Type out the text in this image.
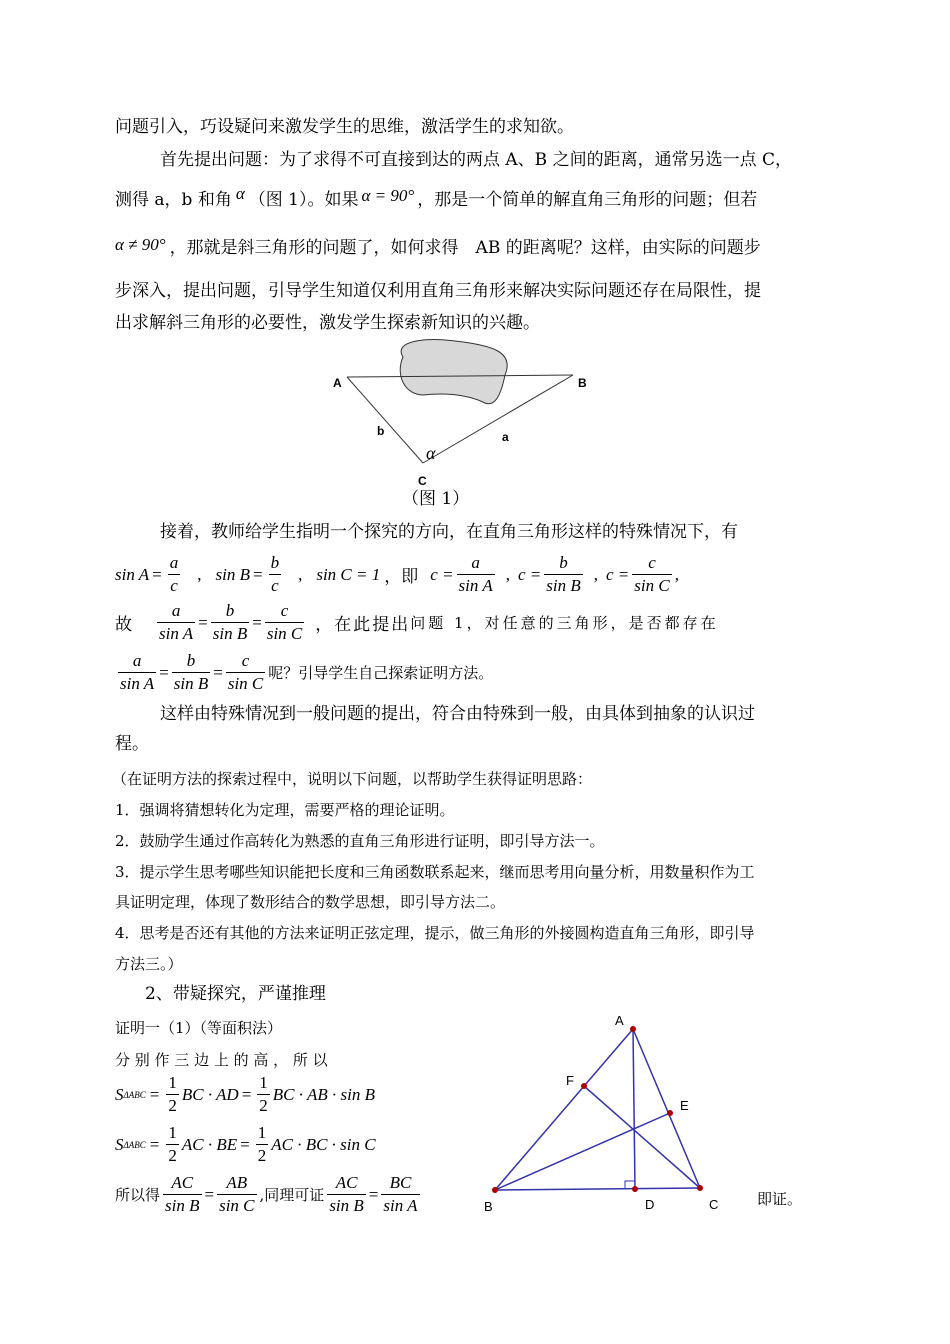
问题引入，巧设疑问来激发学生的思维，激活学生的求知欲。
首先提出问题：为了求得不可直接到达的两点 A、B 之间的距离，通常另选一点 C，
测得 a，b 和角 α （图 1）。如果 α = 90° ，那是一个简单的解直角三角形的问题；但若
α ≠ 90° ，那就是斜三角形的问题了，如何求得　AB 的距离呢？这样，由实际的问题步
步深入，提出问题，引导学生知道仅利用直角三角形来解决实际问题还存在局限性，提
出求解斜三角形的必要性，激发学生探索新知识的兴趣。
A	B
b	a
α
C
（图 1）
接着，教师给学生指明一个探究的方向，在直角三角形这样的特殊情况下，有
$\sin A = \frac{a}{c}$ , $\sin B = \frac{b}{c}$ , sin C = 1 ，即 $c = \frac{a}{\text{sin A}}$ , $c = \frac{b}{\text{sin B}}$ , $c = \frac{c}{\text{sin C}}$ ,
故 $\frac{a}{\text{sin A}} = \frac{b}{\text{sin B}} = \frac{c}{\text{sin C}}$ ，在此提出 问题 1，对任意的三角形，是否都存在
$\frac{a}{\text{sin A}} = \frac{b}{\text{sin B}} = \frac{c}{\text{sin C}}$ 呢？引导学生自己探索证明方法。
这样由特殊情况到一般问题的提出，符合由特殊到一般，由具体到抽象的认识过
程。
（在证明方法的探索过程中，说明以下问题，以帮助学生获得证明思路：
1．强调将猜想转化为定理，需要严格的理论证明。
2．鼓励学生通过作高转化为熟悉的直角三角形进行证明，即引导方法一。
3．提示学生思考哪些知识能把长度和三角函数联系起来，继而思考用向量分析，用数量积作为工
具证明定理，体现了数形结合的数学思想，即引导方法二。
4．思考是否还有其他的方法来证明正弦定理，提示，做三角形的外接圆构造直角三角形，即引导
方法三。）
2、带疑探究，严谨推理
证明一（1）（等面积法）
分 别 作 三 边 上 的 高 ， 所 以
S $\Delta ABC = \frac{1}{2}$ BC · AD = $\frac{1}{2}$ BC · AB · sin B
S $\Delta ABC = \frac{1}{2}$ AC · BE = $\frac{1}{2}$ AC · BC · sin C
所以得 $\frac{AC}{\text{sin B}} = \frac{AB}{\text{sin C}}$ ,同理可证 $\frac{AC}{\text{sin B}} = \frac{BC}{\text{sin A}}$
A
F
E
B	D	C	即证。
